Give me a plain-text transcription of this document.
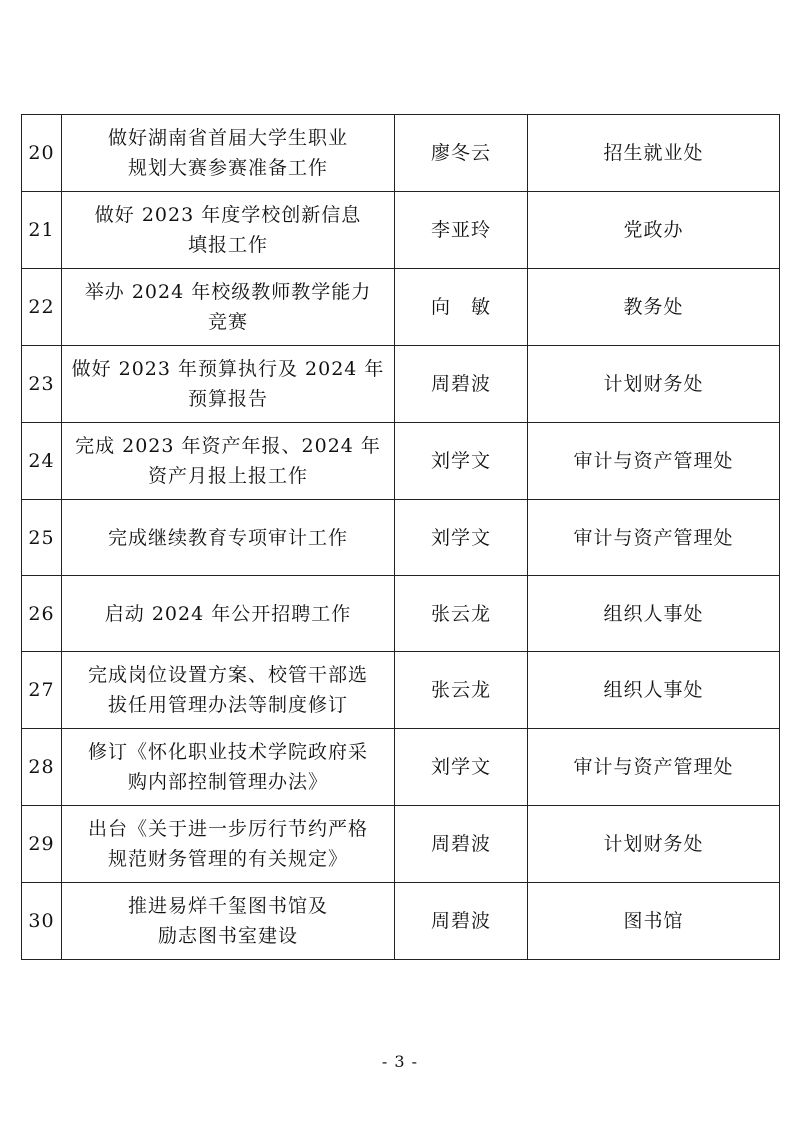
20	做好湖南省首届大学生职业
规划大赛参赛准备工作	廖冬云	招生就业处
21	做好 2023 年度学校创新信息
填报工作	李亚玲	党政办
22	举办 2024 年校级教师教学能力
竞赛	向　敏	教务处
23	做好 2023 年预算执行及 2024 年
预算报告	周碧波	计划财务处
24	完成 2023 年资产年报、2024 年
资产月报上报工作	刘学文	审计与资产管理处
25	完成继续教育专项审计工作	刘学文	审计与资产管理处
26	启动 2024 年公开招聘工作	张云龙	组织人事处
27	完成岗位设置方案、校管干部选
拔任用管理办法等制度修订	张云龙	组织人事处
28	修订《怀化职业技术学院政府采
购内部控制管理办法》	刘学文	审计与资产管理处
29	出台《关于进一步厉行节约严格
规范财务管理的有关规定》	周碧波	计划财务处
30	推进易烊千玺图书馆及
励志图书室建设	周碧波	图书馆
- 3 -
